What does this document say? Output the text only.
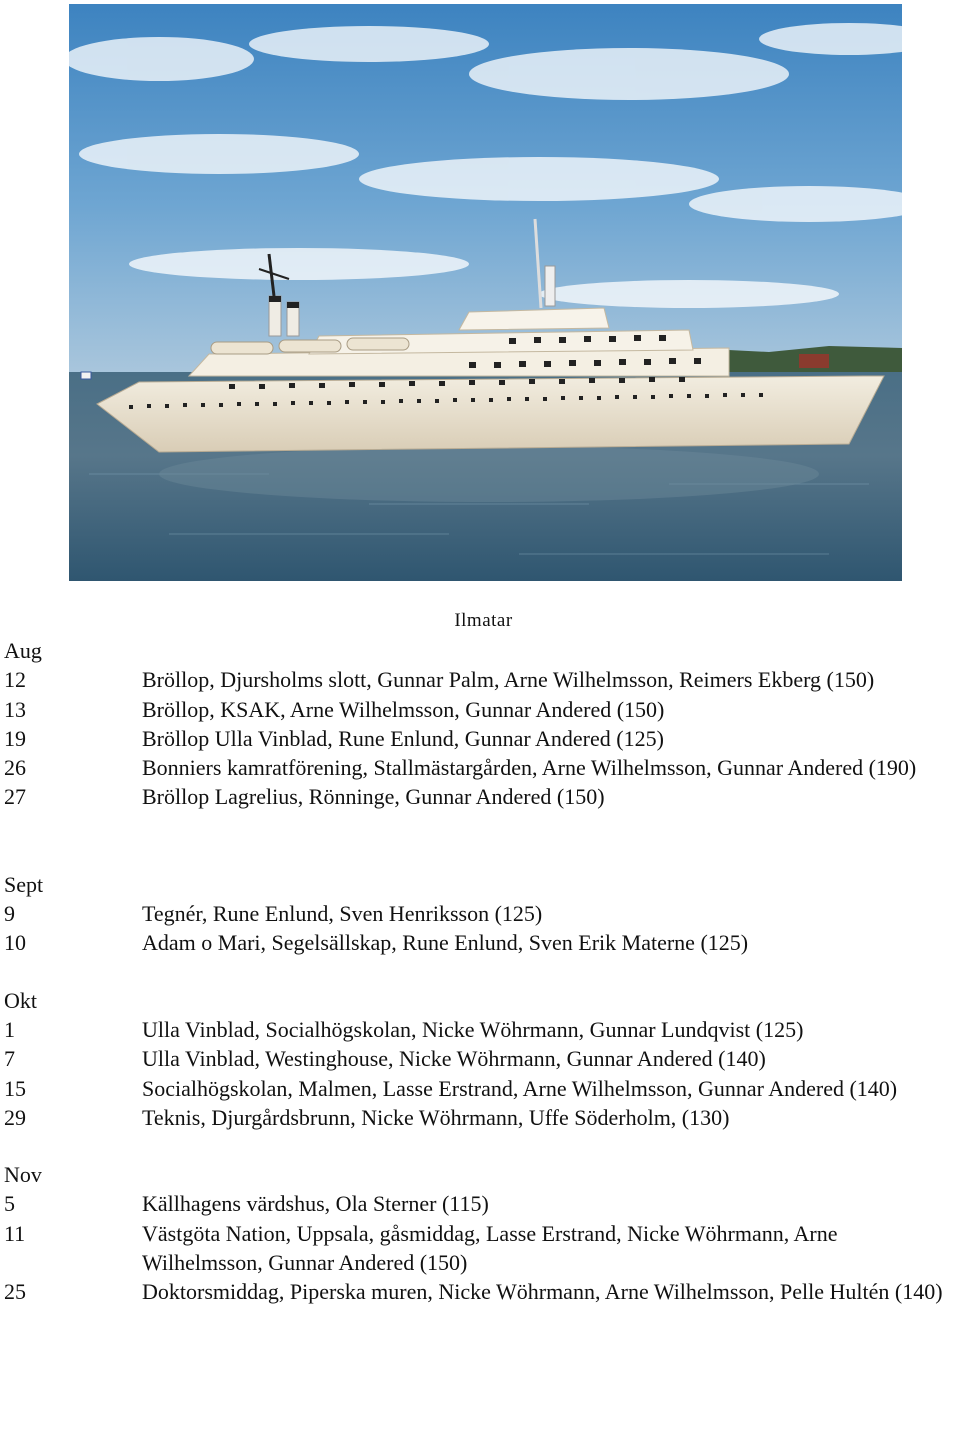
Ilmatar
Aug
12	Bröllop, Djursholms slott, Gunnar Palm, Arne Wilhelmsson, Reimers Ekberg (150)
13	Bröllop, KSAK, Arne Wilhelmsson, Gunnar Andered (150)
19	Bröllop Ulla Vinblad, Rune Enlund, Gunnar Andered (125)
26	Bonniers kamratförening, Stallmästargården, Arne Wilhelmsson, Gunnar Andered (190)
27	Bröllop Lagrelius, Rönninge, Gunnar Andered (150)
Sept
9	Tegnér, Rune Enlund, Sven Henriksson (125)
10	Adam o Mari, Segelsällskap, Rune Enlund, Sven Erik Materne (125)
Okt
1	Ulla Vinblad, Socialhögskolan, Nicke Wöhrmann, Gunnar Lundqvist (125)
7	Ulla Vinblad, Westinghouse, Nicke Wöhrmann, Gunnar Andered (140)
15	Socialhögskolan, Malmen, Lasse Erstrand, Arne Wilhelmsson, Gunnar Andered (140)
29	Teknis, Djurgårdsbrunn, Nicke Wöhrmann, Uffe Söderholm, (130)
Nov
5	Källhagens värdshus, Ola Sterner (115)
11	Västgöta Nation, Uppsala, gåsmiddag, Lasse Erstrand, Nicke Wöhrmann, Arne Wilhelmsson, Gunnar Andered (150)
25	Doktorsmiddag, Piperska muren, Nicke Wöhrmann, Arne Wilhelmsson, Pelle Hultén (140)
